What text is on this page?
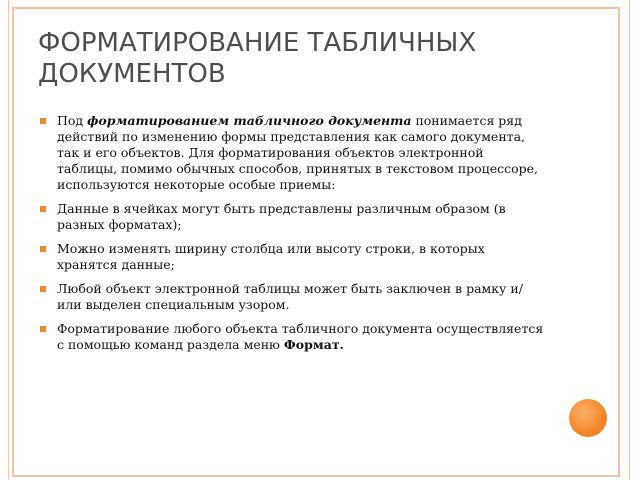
ФОРМАТИРОВАНИЕ ТАБЛИЧНЫХ ДОКУМЕНТОВ
Под форматированием табличного документа понимается ряд действий по изменению формы представления как самого документа, так и его объектов. Для форматирования объектов электронной таблицы, помимо обычных способов, принятых в текстовом процессоре, используются некоторые особые приемы:
Данные в ячейках могут быть представлены различным образом (в разных форматах);
Можно изменять ширину столбца или высоту строки, в которых хранятся данные;
Любой объект электронной таблицы может быть заключен в рамку и/или выделен специальным узором.
Форматирование любого объекта табличного документа осуществляется с помощью команд раздела меню Формат.
